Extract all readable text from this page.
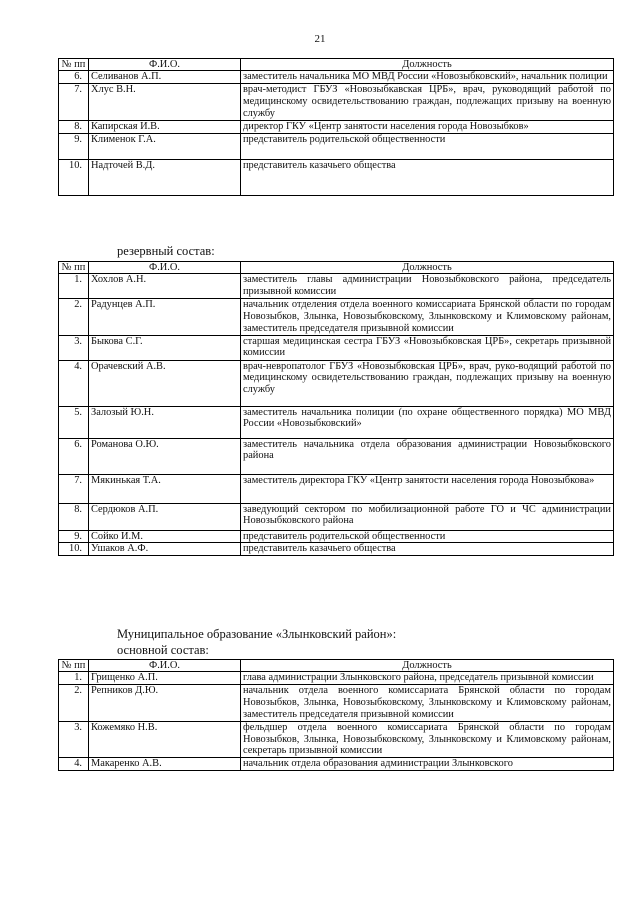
21
№ пп	Ф.И.О.	Должность
6.	Селиванов А.П.	заместитель начальника МО МВД России «Новозыбковский», начальник полиции
7.	Хлус В.Н.	врач-методист ГБУЗ «Новозыбкавская ЦРБ», врач, руководящий работой по медицинскому освидетельствованию граждан, подлежащих призыву на военную службу
8.	Капирская И.В.	директор ГКУ «Центр занятости населения города Новозыбков»
9.	Клименок Г.А.	представитель родительской общественности
10.	Надточей В.Д.	представитель казачьего общества
резервный состав:
№ пп	Ф.И.О.	Должность
1.	Хохлов А.Н.	заместитель главы администрации Новозыбковского района, председатель призывной комиссии
2.	Радунцев А.П.	начальник отделения отдела военного комиссариата Брянской области по городам Новозыбков, Злынка, Новозыбковскому, Злынковскому и Климовскому районам, заместитель председателя призывной комиссии
3.	Быкова С.Г.	старшая медицинская сестра ГБУЗ «Новозыбковская ЦРБ», секретарь призывной комиссии
4.	Орачевский А.В.	врач-невропатолог ГБУЗ «Новозыбковская ЦРБ», врач, руко-водящий работой по медицинскому освидетельствованию граждан, подлежащих призыву на военную службу
5.	Залозый Ю.Н.	заместитель начальника полиции (по охране общественного порядка) МО МВД России «Новозыбковский»
6.	Романова О.Ю.	заместитель начальника отдела образования администрации Новозыбковского района
7.	Мякинькая Т.А.	заместитель директора ГКУ «Центр занятости населения города Новозыбкова»
8.	Сердюков А.П.	заведующий сектором по мобилизационной работе ГО и ЧС администрации Новозыбковского района
9.	Сойко И.М.	представитель родительской общественности
10.	Ушаков А.Ф.	представитель казачьего общества
Муниципальное образование «Злынковский район»:
основной состав:
№ пп	Ф.И.О.	Должность
1.	Грищенко А.П.	глава администрации Злынковского района, председатель призывной комиссии
2.	Репников Д.Ю.	начальник отдела военного комиссариата Брянской области по городам Новозыбков, Злынка, Новозыбковскому, Злынковскому и Климовскому районам, заместитель председателя призывной комиссии
3.	Кожемяко Н.В.	фельдшер отдела военного комиссариата Брянской области по городам Новозыбков, Злынка, Новозыбковскому, Злынковскому и Климовскому районам, секретарь призывной комиссии
4.	Макаренко А.В.	начальник отдела образования администрации Злынковского
